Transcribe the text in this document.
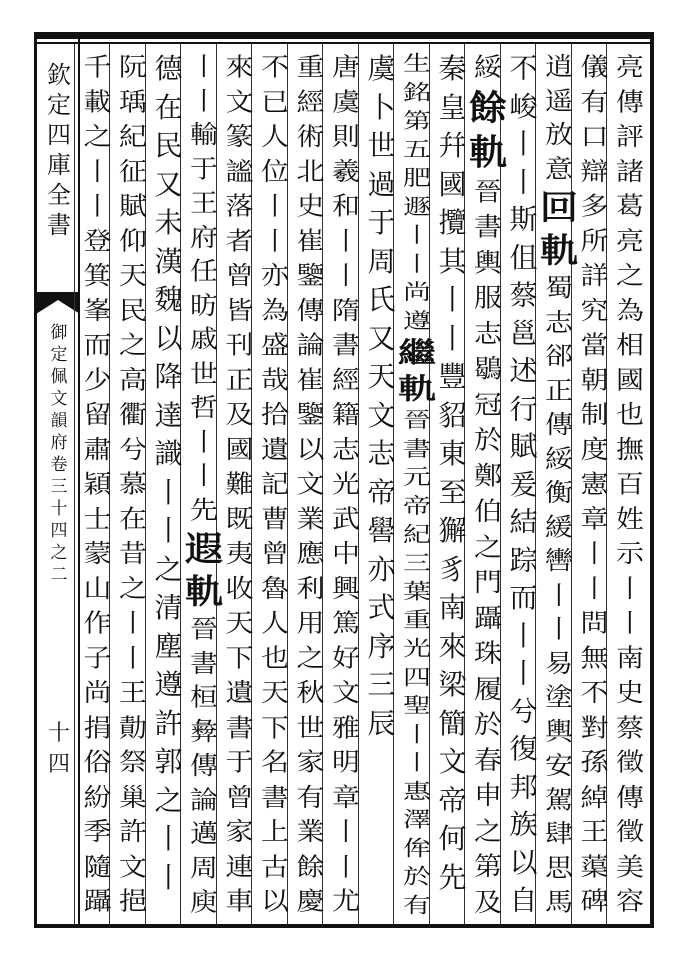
欽
定
四
庫
全
書
御
定
佩
文
韻
府
卷
三
十
四
之
二
十四
亮
傳
評
諸
葛
亮
之
為
相
國
也
撫
百
姓
示
丨
丨
南
史
蔡
徵
傳
徵
美
容
儀
有
口
辯
多
所
詳
究
當
朝
制
度
憲
章
丨
丨
問
無
不
對
孫
綽
王
蕖
碑
逍
遥
放
意
回
軌
蜀
志
郤
正
傳
綏
衡
緩
轡
丨
丨
易
塗
輿
安
駕
肆
思
馬
不
峻
丨
丨
斯
伹
蔡
邕
述
行
賦
爰
結
踪
而
丨
丨
兮
復
邦
族
以
自
綏
餘
軌
晉
書
輿
服
志
鶡
冠
於
鄭
伯
之
門
躡
珠
履
於
春
申
之
第
及
秦
皇
幷
國
攬
其
丨
丨
豐
貂
東
至
獬
豸
南
來
梁
簡
文
帝
何
先
生
銘
第
五
肥
遯
丨
丨
尚
遵
繼
軌
晉
書
元
帝
紀
三
葉
重
光
四
聖
丨
丨
惠
澤
侔
於
有
虞
卜
世
過
于
周
氏
又
天
文
志
帝
嚳
亦
式
序
三
辰
唐
虞
則
羲
和
丨
丨
隋
書
經
籍
志
光
武
中
興
篤
好
文
雅
明
章
丨
丨
尤
重
經
術
北
史
崔
鑒
傳
論
崔
鑒
以
文
業
應
利
用
之
秋
世
家
有
業
餘
慶
不
已
人
位
丨
丨
亦
為
盛
哉
拾
遺
記
曹
曾
魯
人
也
天
下
名
書
上
古
以
來
文
篆
謐
落
者
曾
皆
刊
正
及
國
難
既
夷
收
天
下
遺
書
于
曾
家
連
車
丨
丨
輸
于
王
府
任
昉
戚
世
哲
丨
丨
先
遐
軌
晉
書
桓
彜
傳
論
邁
周
庾
德
在
民
又
未
漢
魏
以
降
達
識
丨
丨
之
清
塵
遵
許
郭
之
丨
丨
阮
瑀
紀
征
賦
仰
天
民
之
高
衢
兮
慕
在
昔
之
丨
丨
王
勣
祭
巢
許
文
挹
千
載
之
丨
丨
登
箕
峯
而
少
留
肅
穎
士
蒙
山
作
子
尚
捐
俗
紛
季
隨
躡
